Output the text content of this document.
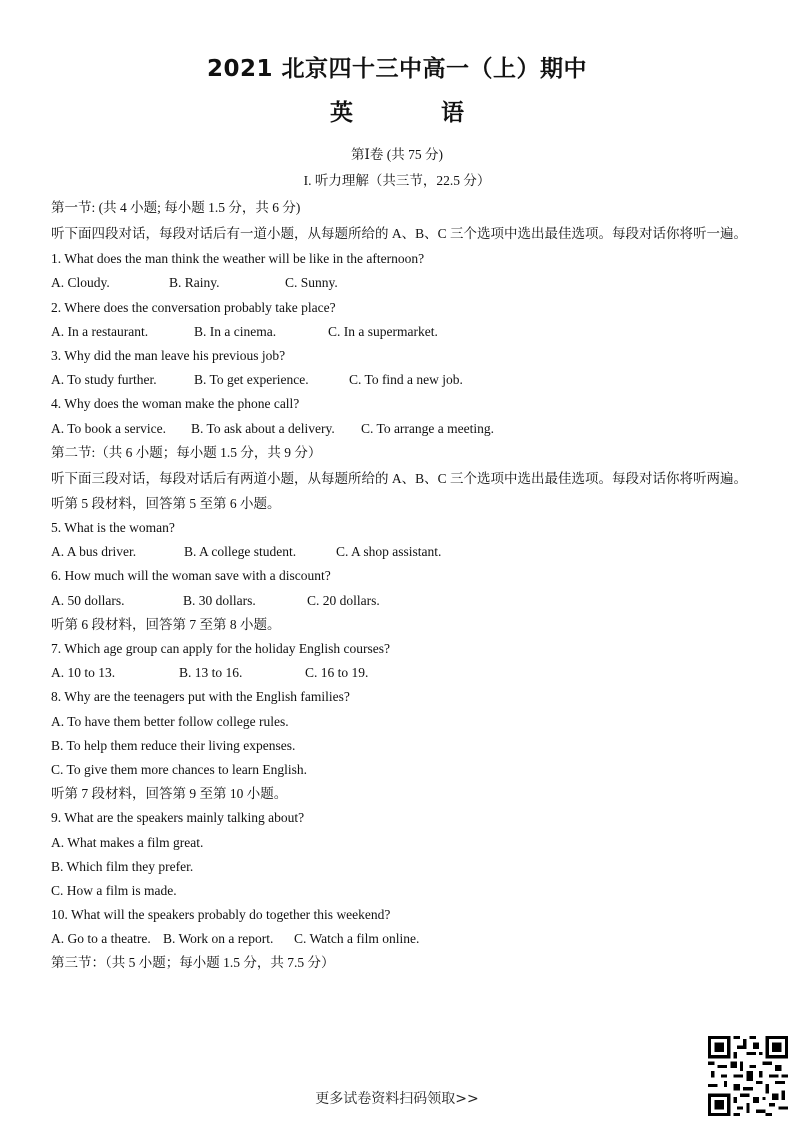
2021 北京四十三中高一（上）期中
英 语
第Ⅰ卷 (共 75 分)
I. 听力理解（共三节，22.5 分）
第一节: (共 4 小题; 每小题 1.5 分，共 6 分)
听下面四段对话，每段对话后有一道小题，从每题所给的 A、B、C 三个选项中选出最佳选项。每段对话你将听一遍。
1. What does the man think the weather will be like in the afternoon?
A. Cloudy.	B. Rainy.	C. Sunny.
2. Where does the conversation probably take place?
A. In a restaurant.	B. In a cinema.	C. In a supermarket.
3. Why did the man leave his previous job?
A. To study further.	B. To get experience.	C. To find a new job.
4. Why does the woman make the phone call?
A. To book a service. B. To ask about a delivery. C. To arrange a meeting.
第二节:（共 6 小题；每小题 1.5 分，共 9 分）
听下面三段对话，每段对话后有两道小题，从每题所给的 A、B、C 三个选项中选出最佳选项。每段对话你将听两遍。
听第 5 段材料，回答第 5 至第 6 小题。
5. What is the woman?
A. A bus driver.	B. A college student.	C. A shop assistant.
6. How much will the woman save with a discount?
A. 50 dollars.	B. 30 dollars.	C. 20 dollars.
听第 6 段材料，回答第 7 至第 8 小题。
7. Which age group can apply for the holiday English courses?
A. 10 to 13.	B. 13 to 16.	C. 16 to 19.
8. Why are the teenagers put with the English families?
A. To have them better follow college rules.
B. To help them reduce their living expenses.
C. To give them more chances to learn English.
听第 7 段材料，回答第 9 至第 10 小题。
9. What are the speakers mainly talking about?
A. What makes a film great.
B. Which film they prefer.
C. How a film is made.
10. What will the speakers probably do together this weekend?
A. Go to a theatre. B. Work on a report. C. Watch a film online.
第三节：（共 5 小题；每小题 1.5 分，共 7.5 分）
更多试卷资料扫码领取>>
